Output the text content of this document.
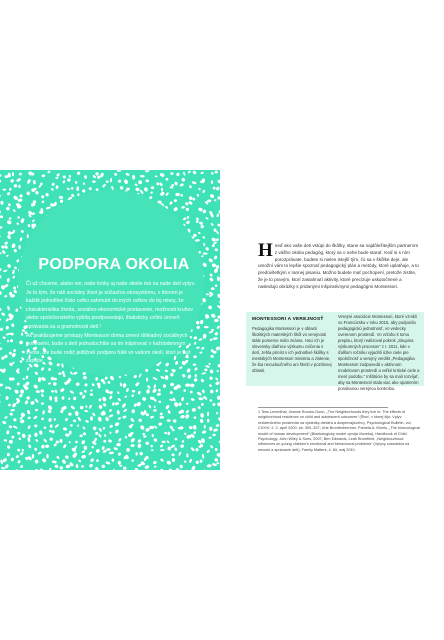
PODPORA OKOLIA

Či už chceme, alebo nie, naše kroky aj naše okolie má na naše deti vplyv. Je to tým, že náš sociálny život je súčasťou ekosystému, v ktorom je každé jednotlivé číslo celku zahrnuté do iných celkov do tej miery, že charakteristika života, sociálno-ekonomické postavenie, možnosti kruhov alebo spoločenského vybíta predpovedajú, štatisticky určitú úroveň správania sa a gramotnosti detí.¹

Ak praktizujeme prístupy Montessori doma zmení dôkladný sociálnych remeselní, bude s detí jednoduchšie sa im inšpirovať v každodennom živote, ale bude rodič jedličnéí podporu fúkli vo vašom okolí, ktorí je tiež zapojte.

H neď ako vaše deti vstúpi do škôlky, stane sa najdôležitejším partnerom z vášho okolia pedagóg, ktorý sa o nehe bude starať. Keď si s ním porozprávate, budete si nielen istejší tým, čo sa v škôlke deje, ale umožní vám to lepšie spoznať pedagogický plán a metódy, ktoré uplatňuje, a to predovšetkým v rannej pisaniu. Možno budete mať pochopení, pretože zistíte, že je to pravým, ktorí zasiahnutí aktivity, ktoré precízuje uskutočnené a nasledujú obrázky s pridanými inšpiratívnymi pedagógmi Montessori.
MONTESSORI A VEREJNOSŤ
Pedagogika Montessori je v oblasti školských materských škôl vo verejnosti stále pomerne málo známa. Hoci ich je slovensky diaľnice výskumu cvičenia s detí, Jehla priníst v ich jednotlivé škôlky s mestských Montessori ministria a zistenie, že iba necudoučného ani štvriti v pozitívnej oblasti.
Verejné asociácie Montessori, ktoré vznikli vo Francúzsku v roku 2015, aby podporila pedagogickú jednotnosť, vo vedecky overenom prostredí. Vo vzťahu k tomu prepisu, ktorý realizoval pokrok „Skupina výskumných procesov“ z r. 2011, kde v ďalšom ročníku vyjadrili úzke ciele pre spoločnosť a verejný verdikt „Pedagogika Montessori zodpovedá v aktívnom modelovom prostredí a veľké kritické ciele a mení podobu.“ Inštitúcie by sa mali rozvíjať, aby sa Montessori stala viac ako opatrením ponúkanou verejnou kontrolou.
1 Tess Leventhal, Jeanne Brooks-Gunn, „The Neighborhoods they live in: The effects of neighborhood residence on child and adolescent outcomes“ (Štvrť, v ktorej žijú: Vplyv rezidenčného prostredia na výsledky dieťaťa a dospievajúceho), Psychological Bulletin, vol. CXXVI, č. 2, apríl 2000, str. 309–337; Urie Bronfenbrenner, Pamela A. Morris, „The bioecological model of human development“ (Bioekologický model vývoja človeka), Handbook of Child Psychology, John Wiley & Sons, 2007; Ben Edwards, Leah Bromfield, „Neighbourhood influences on young children's emotional and behavioural problems“ (Vplyvy susedstva na emocie a správanie detí), Family Matters, č. 84, máj 2010.
